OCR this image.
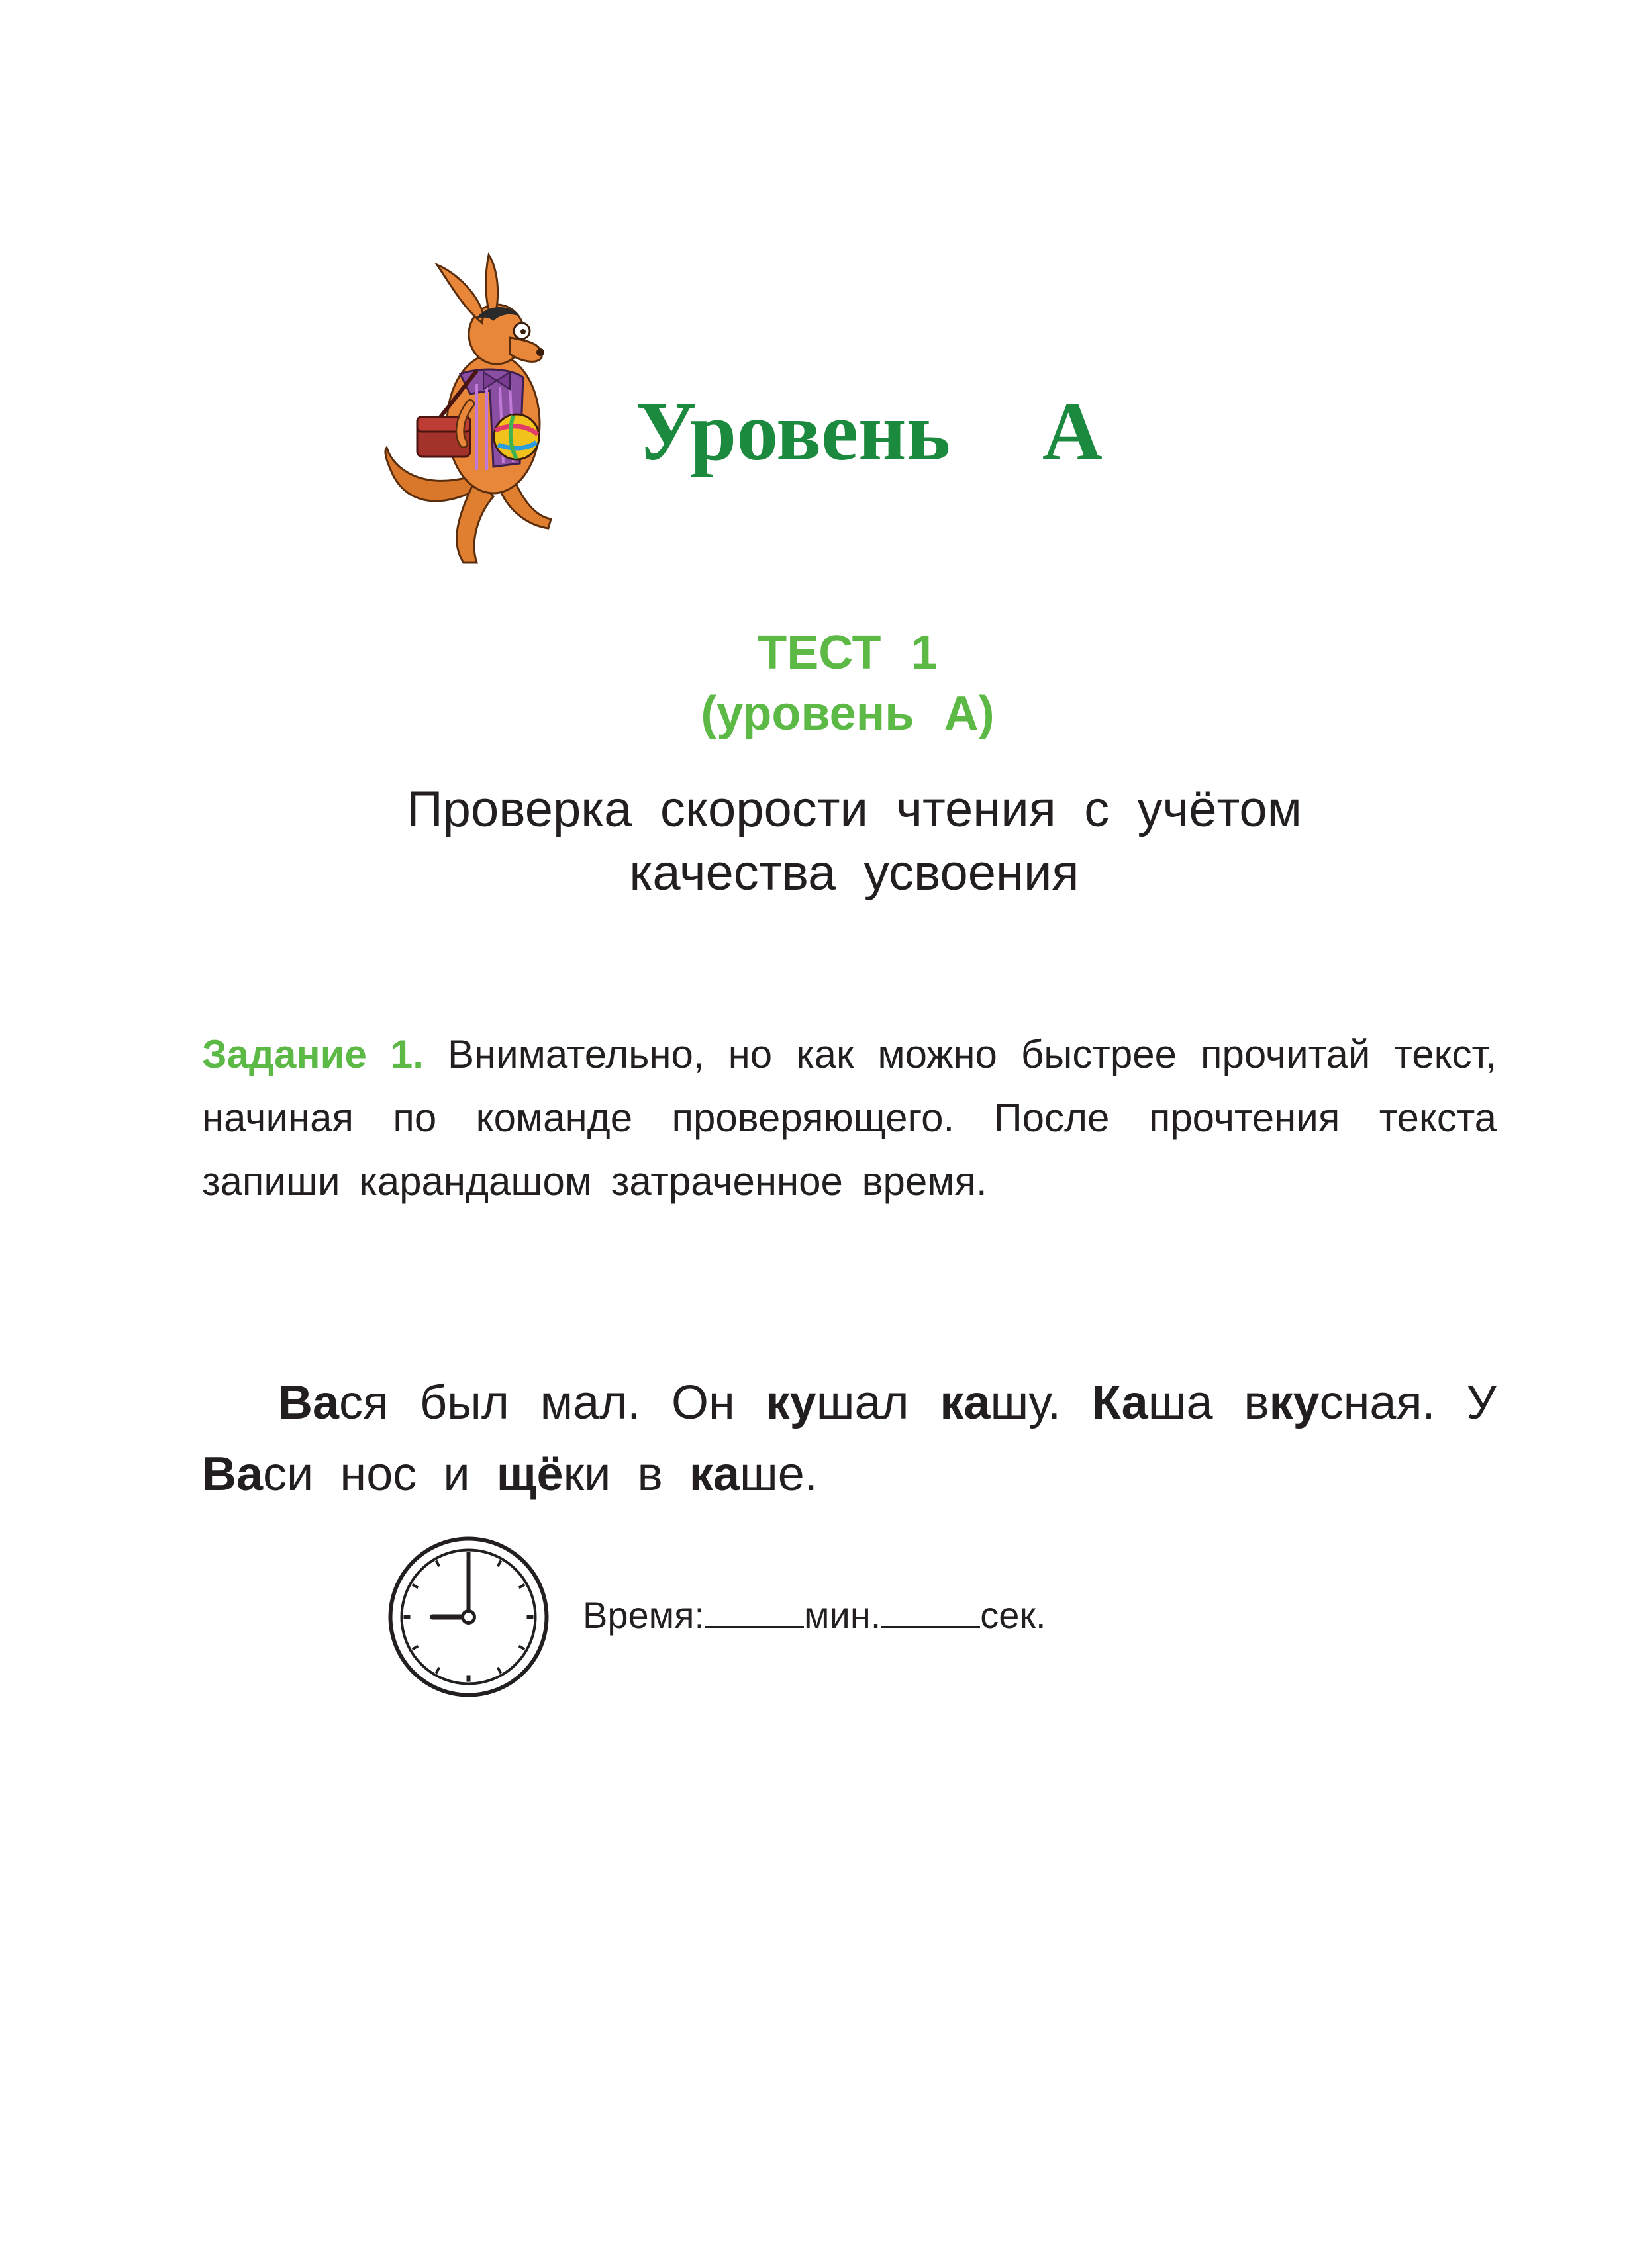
Уровень  А
ТЕСТ 1
(уровень А)
Проверка скорости чтения с учётом
качества усвоения

Задание 1. Внимательно, но как можно быстрее прочитай текст, начиная по команде проверяющего. После прочтения текста запиши карандашом затраченное время.

Вася был мал. Он кушал кашу. Каша вкусная. У Васи нос и щёки в каше.

Время:	мин.	сек.
